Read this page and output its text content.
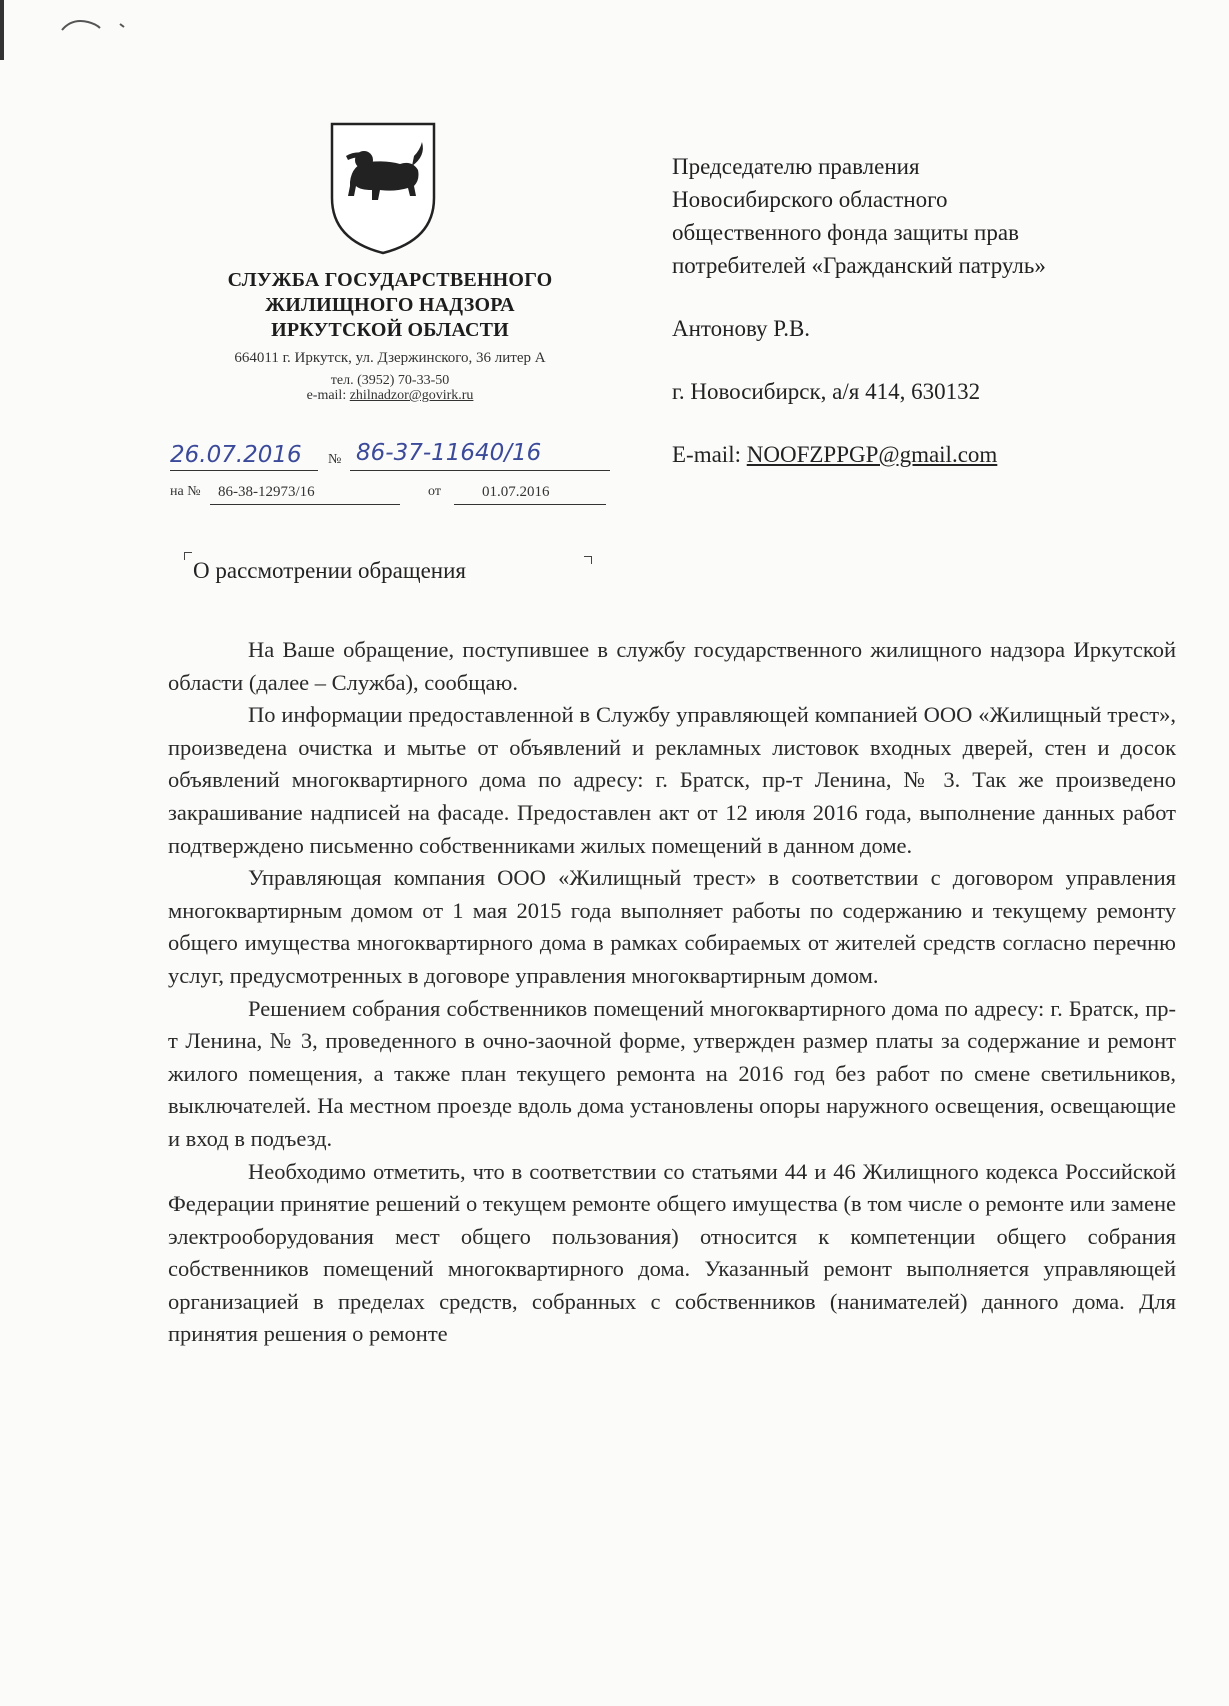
СЛУЖБА ГОСУДАРСТВЕННОГО

ЖИЛИЩНОГО НАДЗОРА

ИРКУТСКОЙ ОБЛАСТИ

664011 г. Иркутск, ул. Дзержинского, 36 литер А

тел. (3952) 70-33-50

e-mail: zhilnadzor@govirk.ru

26.07.2016 № 86-37-11640/16
на № 86-38-12973/16	от	01.07.2016

Председателю правления

Новосибирского областного

общественного фонда защиты прав

потребителей «Гражданский патруль»

Антонову Р.В.

г. Новосибирск, а/я 414, 630132

E-mail: NOOFZPPGP@gmail.com

О рассмотрении обращения

На Ваше обращение, поступившее в службу государственного жилищного надзора Иркутской области (далее – Служба), сообщаю.

По информации предоставленной в Службу управляющей компанией ООО «Жилищный трест», произведена очистка и мытье от объявлений и рекламных листовок входных дверей, стен и досок объявлений многоквартирного дома по адресу: г. Братск, пр-т Ленина, № 3. Так же произведено закрашивание надписей на фасаде. Предоставлен акт от 12 июля 2016 года, выполнение данных работ подтверждено письменно собственниками жилых помещений в данном доме.

Управляющая компания ООО «Жилищный трест» в соответствии с договором управления многоквартирным домом от 1 мая 2015 года выполняет работы по содержанию и текущему ремонту общего имущества многоквартирного дома в рамках собираемых от жителей средств согласно перечню услуг, предусмотренных в договоре управления многоквартирным домом.

Решением собрания собственников помещений многоквартирного дома по адресу: г. Братск, пр-т Ленина, № 3, проведенного в очно-заочной форме, утвержден размер платы за содержание и ремонт жилого помещения, а также план текущего ремонта на 2016 год без работ по смене светильников, выключателей. На местном проезде вдоль дома установлены опоры наружного освещения, освещающие и вход в подъезд.

Необходимо отметить, что в соответствии со статьями 44 и 46 Жилищного кодекса Российской Федерации принятие решений о текущем ремонте общего имущества (в том числе о ремонте или замене электрооборудования мест общего пользования) относится к компетенции общего собрания собственников помещений многоквартирного дома. Указанный ремонт выполняется управляющей организацией в пределах средств, собранных с собственников (нанимателей) данного дома. Для принятия решения о ремонте
